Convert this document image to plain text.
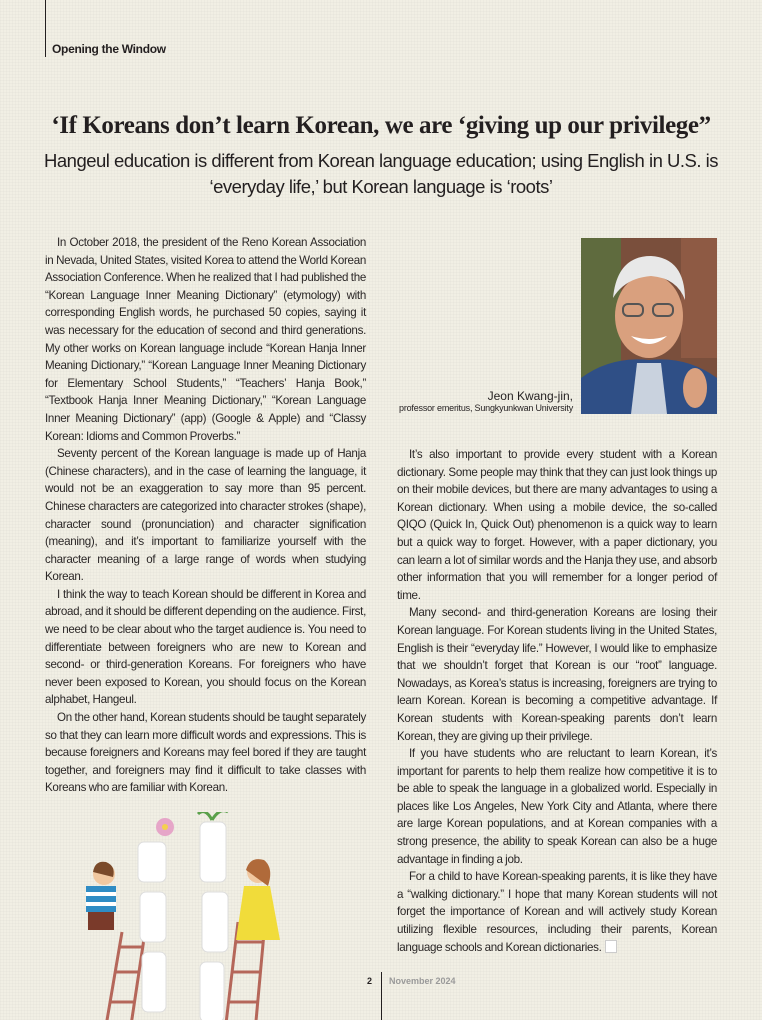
Opening the Window
‘If Koreans don’t learn Korean, we are ‘giving up our privilege”
Hangeul education is different from Korean language education; using English in U.S. is ‘everyday life,’ but Korean language is ‘roots’

In October 2018, the president of the Reno Korean Association in Nevada, United States, visited Korea to attend the World Korean Association Conference. When he realized that I had published the “Korean Language Inner Meaning Dictionary” (etymology) with corresponding English words, he purchased 50 copies, saying it was necessary for the education of second and third generations. My other works on Korean language include “Korean Hanja Inner Meaning Dictionary,” “Korean Language Inner Meaning Dictionary for Elementary School Students,” “Teachers’ Hanja Book,” “Textbook Hanja Inner Meaning Dictionary,” “Korean Language Inner Meaning Dictionary” (app) (Google & Apple) and “Classy Korean: Idioms and Common Proverbs.”

Seventy percent of the Korean language is made up of Hanja (Chinese characters), and in the case of learning the language, it would not be an exaggeration to say more than 95 percent. Chinese characters are categorized into character strokes (shape), character sound (pronunciation) and character signification (meaning), and it’s important to familiarize yourself with the character meaning of a large range of words when studying Korean.

I think the way to teach Korean should be different in Korea and abroad, and it should be different depending on the audience. First, we need to be clear about who the target audience is. You need to differentiate between foreigners who are new to Korean and second- or third-generation Koreans. For foreigners who have never been exposed to Korean, you should focus on the Korean alphabet, Hangeul.

On the other hand, Korean students should be taught separately so that they can learn more difficult words and expressions. This is because foreigners and Koreans may feel bored if they are taught together, and foreigners may find it difficult to take classes with Koreans who are familiar with Korean.

Jeon Kwang-jin,
professor emeritus, Sungkyunkwan University

It’s also important to provide every student with a Korean dictionary. Some people may think that they can just look things up on their mobile devices, but there are many advantages to using a Korean dictionary. When using a mobile device, the so-called QIQO (Quick In, Quick Out) phenomenon is a quick way to learn but a quick way to forget. However, with a paper dictionary, you can learn a lot of similar words and the Hanja they use, and absorb other information that you will remember for a longer period of time.

Many second- and third-generation Koreans are losing their Korean language. For Korean students living in the United States, English is their “everyday life.” However, I would like to emphasize that we shouldn’t forget that Korean is our “root” language. Nowadays, as Korea’s status is increasing, foreigners are trying to learn Korean. Korean is becoming a competitive advantage. If Korean students with Korean-speaking parents don’t learn Korean, they are giving up their privilege.

If you have students who are reluctant to learn Korean, it’s important for parents to help them realize how competitive it is to be able to speak the language in a globalized world. Especially in places like Los Angeles, New York City and Atlanta, where there are large Korean populations, and at Korean companies with a strong presence, the ability to speak Korean can also be a huge advantage in finding a job.

For a child to have Korean-speaking parents, it is like they have a “walking dictionary.” I hope that many Korean students will not forget the importance of Korean and will actively study Korean utilizing flexible resources, including their parents, Korean language schools and Korean dictionaries.

2 November 2024
